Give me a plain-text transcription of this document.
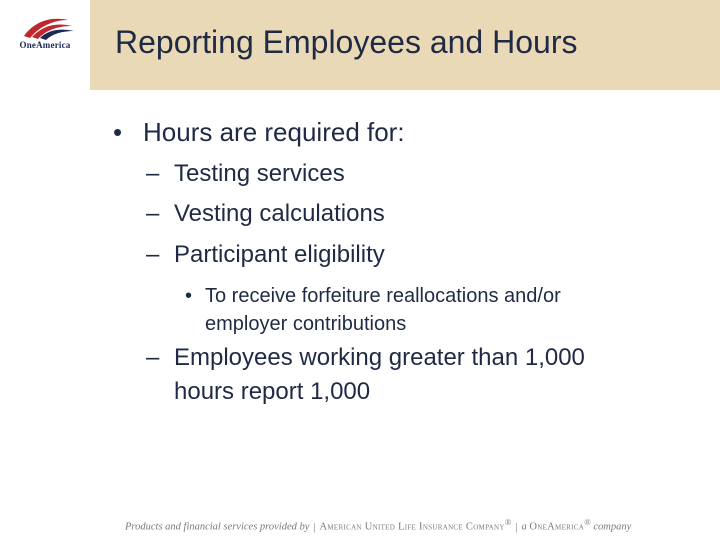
OneAmerica	Reporting Employees and Hours
• Hours are required for:
– Testing services
– Vesting calculations
– Participant eligibility
• To receive forfeiture reallocations and/or
employer contributions
– Employees working greater than 1,000
hours report 1,000
Products and financial services provided by | American United Life Insurance Company® | a OneAmerica® company
